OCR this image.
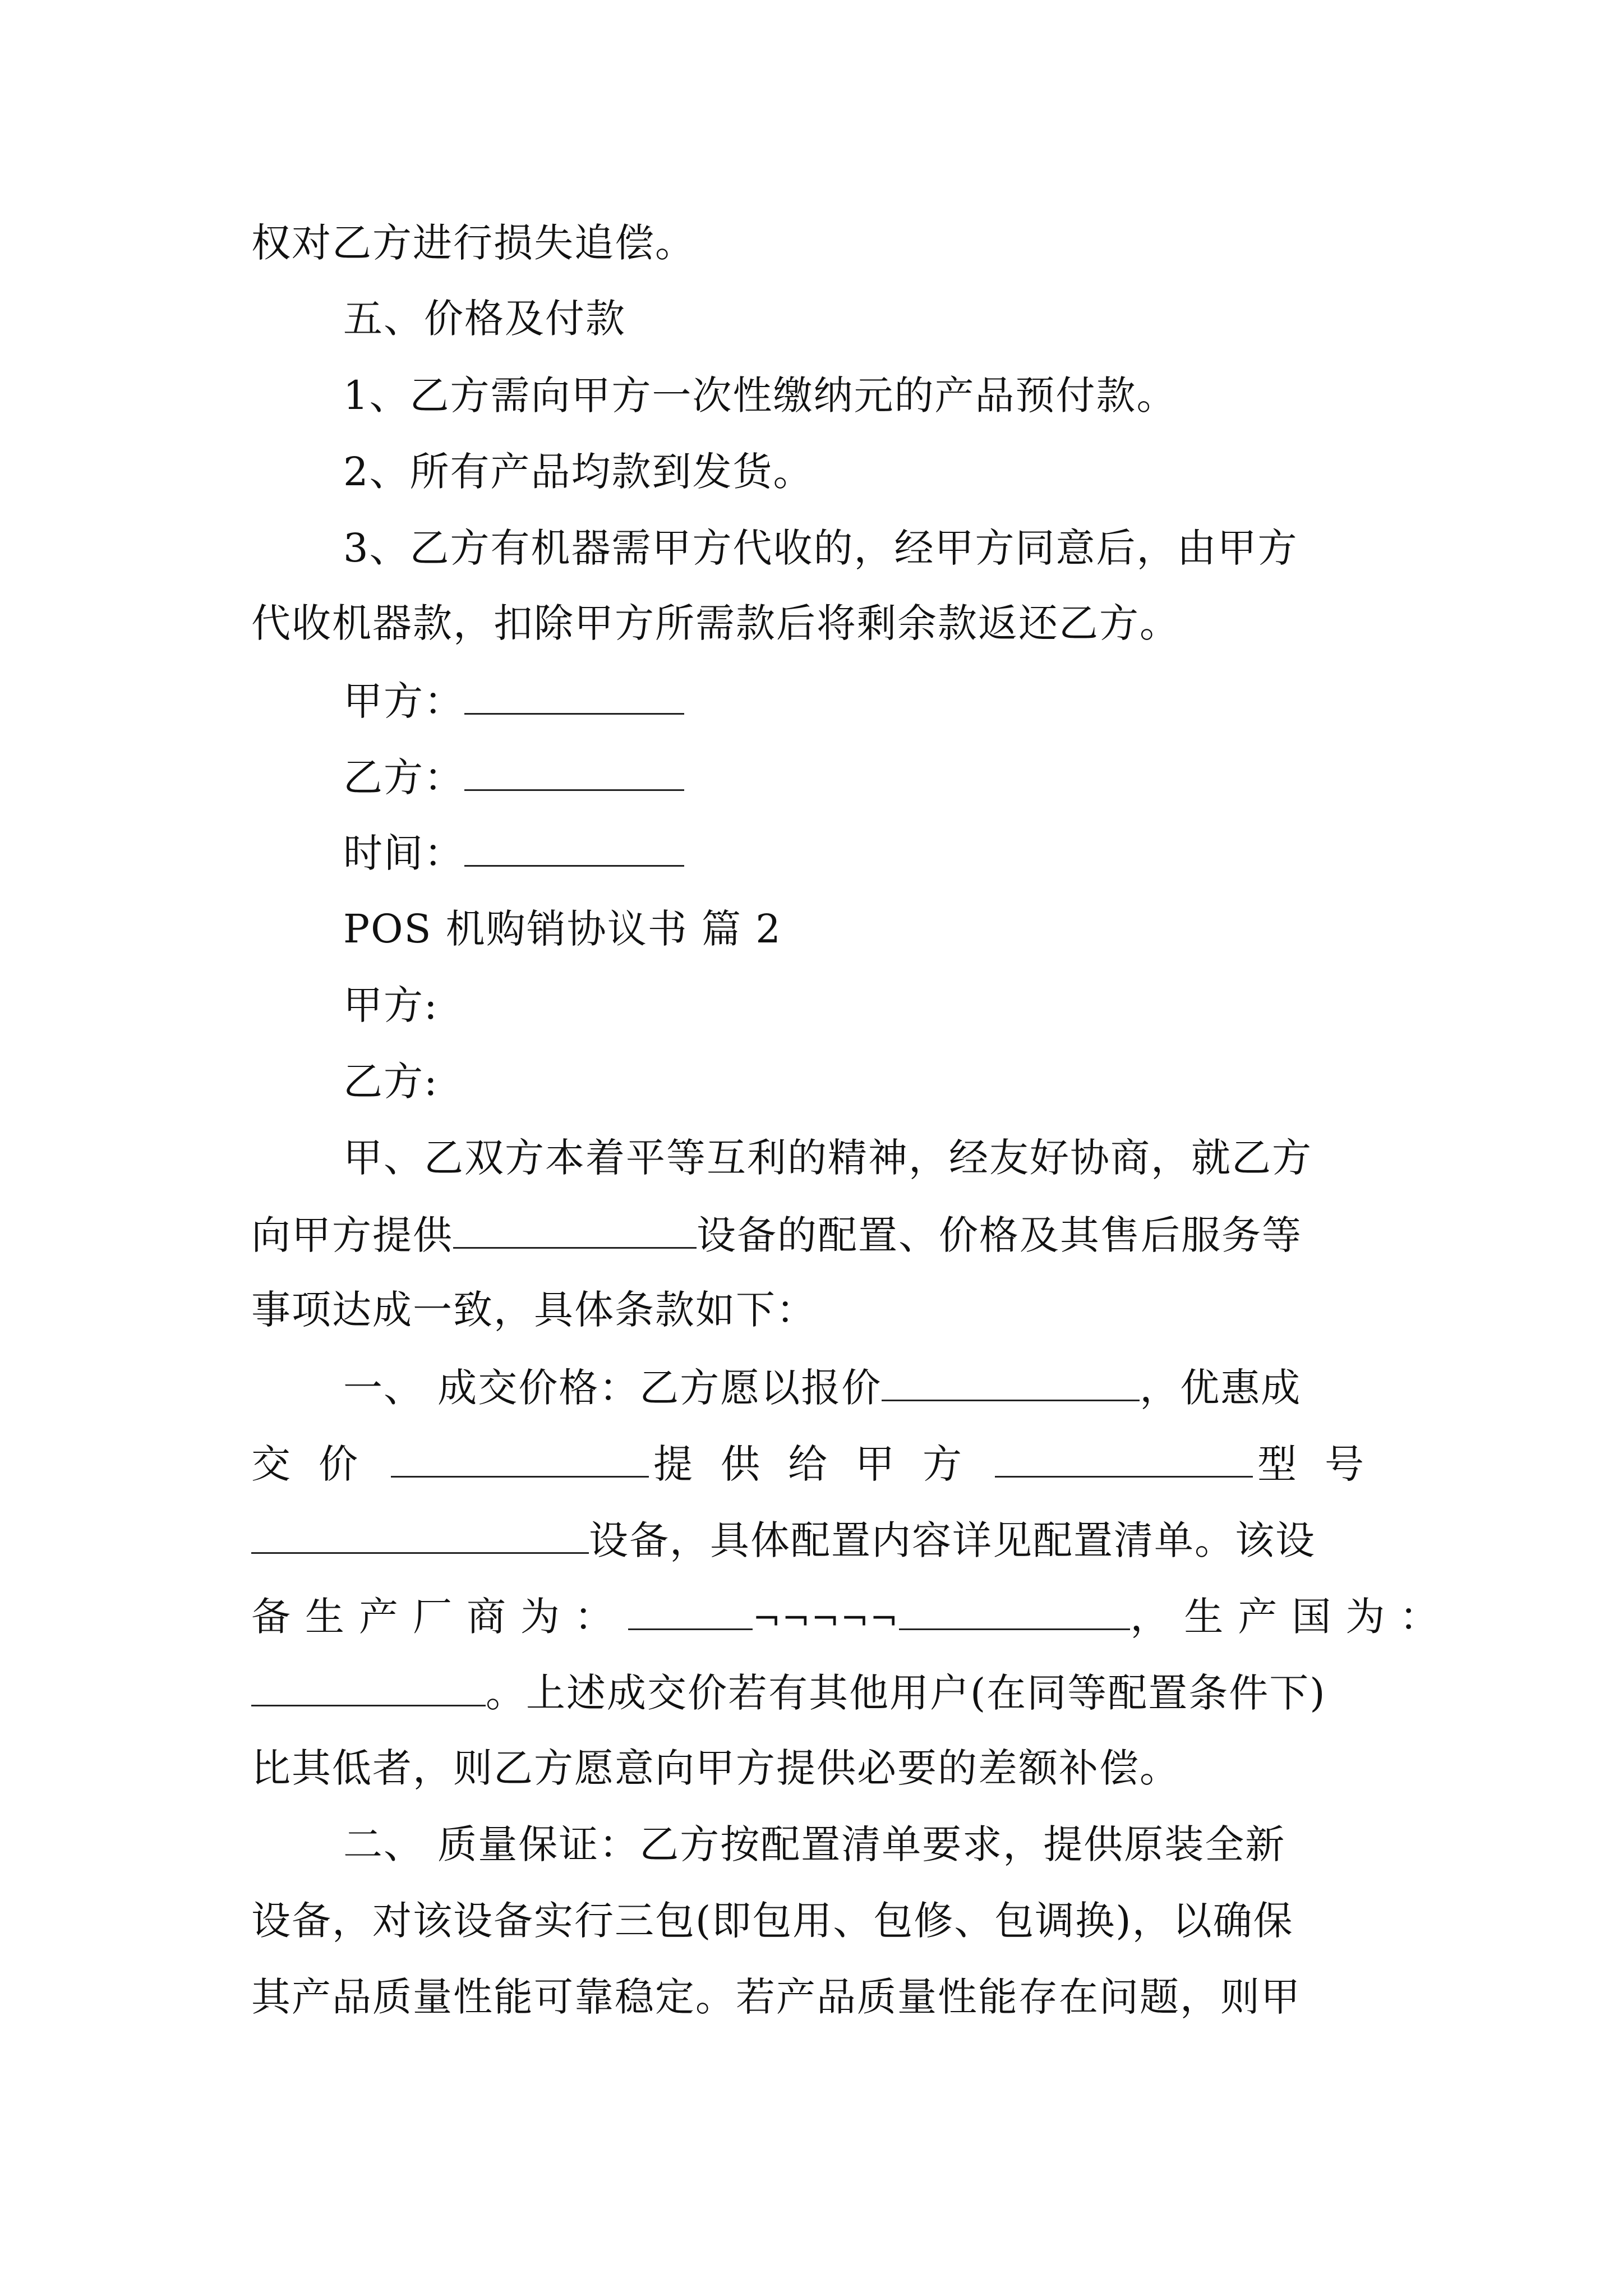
权对乙方进行损失追偿。
五、价格及付款
1、乙方需向甲方一次性缴纳元的产品预付款。
2、所有产品均款到发货。
3、乙方有机器需甲方代收的，经甲方同意后，由甲方
代收机器款，扣除甲方所需款后将剩余款返还乙方。
甲方：
乙方：
时间：
POS 机购销协议书 篇 2
甲方:
乙方:
甲、乙双方本着平等互利的精神，经友好协商，就乙方
向甲方提供	设备的配置、价格及其售后服务等
事项达成一致，具体条款如下：
一、 成交价格：乙方愿以报价	，优惠成
交价	提供给甲方	型号
设备，具体配置内容详见配置清单。该设
备生产厂商为：	¬¬¬¬¬	，生产国为：
。上述成交价若有其他用户(在同等配置条件下)
比其低者，则乙方愿意向甲方提供必要的差额补偿。
二、 质量保证：乙方按配置清单要求，提供原装全新
设备，对该设备实行三包(即包用、包修、包调换)，以确保
其产品质量性能可靠稳定。若产品质量性能存在问题，则甲
